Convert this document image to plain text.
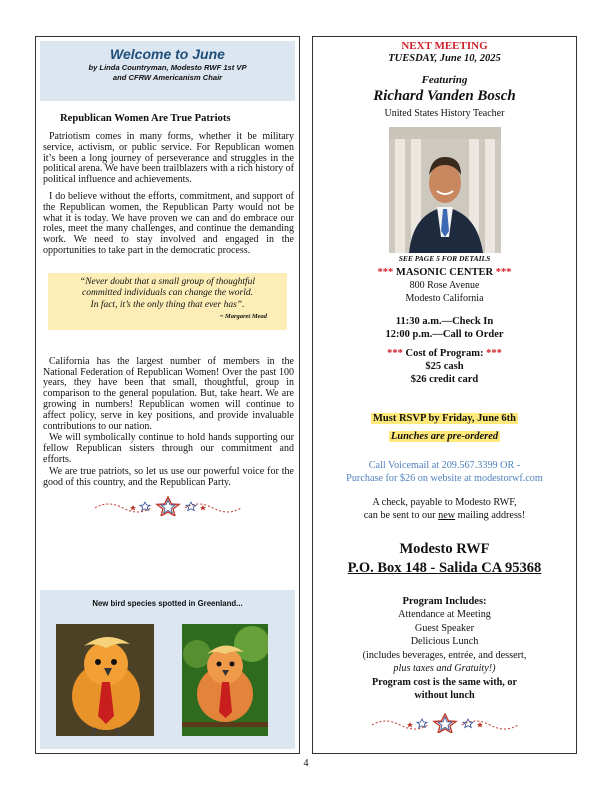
Welcome to June
by Linda Countryman, Modesto RWF 1st VP
and CFRW Americanism Chair
Republican Women Are True Patriots

Patriotism comes in many forms, whether it be military service, activism, or public service. For Republican women it’s been a long journey of perseverance and struggles in the political arena. We have been trailblazers with a rich history of political influence and achievements.

I do believe without the efforts, commitment, and support of the Republican women, the Republican Party would not be what it is today. We have proven we can and do embrace our roles, meet the many challenges, and continue the demanding work. We need to stay involved and engaged in the opportunities to take part in the democratic process.

“Never doubt that a small group of thoughtful
committed individuals can change the world.
In fact, it’s the only thing that ever has”.
~ Margaret Mead

California has the largest number of members in the National Federation of Republican Women! Over the past 100 years, they have been that small, thoughtful, group in comparison to the general population. But, take heart. We are growing in numbers! Republican women will continue to affect policy, serve in key positions, and provide invaluable contributions to our nation.

We will symbolically continue to hold hands supporting our fellow Republican sisters through our commitment and efforts.

We are true patriots, so let us use our powerful voice for the good of this country, and the Republican Party.

New bird species spotted in Greenland...
NEXT MEETING
TUESDAY, June 10, 2025
Featuring
Richard Vanden Bosch
United States History Teacher
SEE PAGE 5 FOR DETAILS
*** MASONIC CENTER ***
800 Rose Avenue
Modesto California
11:30 a.m.—Check In
12:00 p.m.—Call to Order
*** Cost of Program: ***
$25 cash
$26 credit card
Must RSVP by Friday, June 6th
Lunches are pre-ordered
Call Voicemail at 209.567.3399 OR -
Purchase for $26 on website at modestorwf.com
A check, payable to Modesto RWF,
can be sent to our new mailing address!
Modesto RWF
P.O. Box 148 - Salida CA 95368
Program Includes:
Attendance at Meeting
Guest Speaker
Delicious Lunch
(includes beverages, entrée, and dessert,
plus taxes and Gratuity!)
Program cost is the same with, or
without lunch
4
